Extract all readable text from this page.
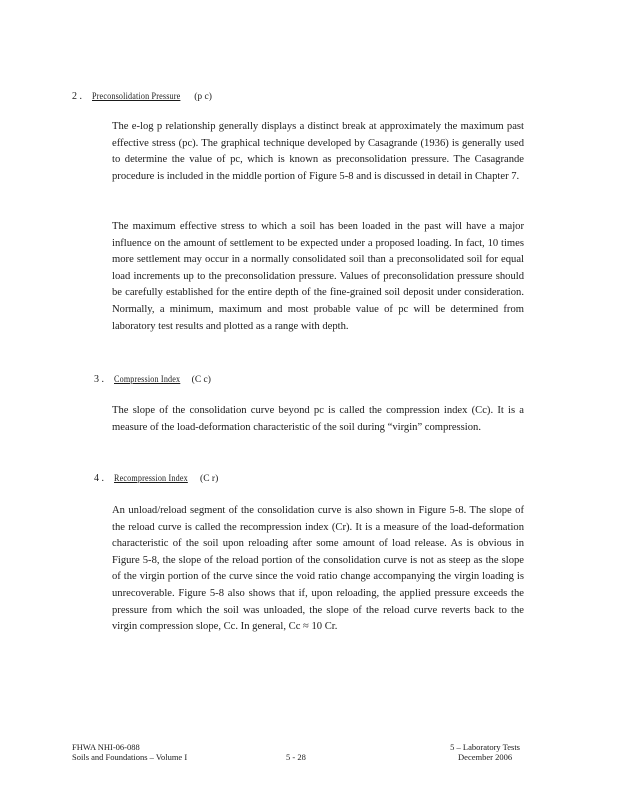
2 . Preconsolidation Pressure (p c)

The e-log p relationship generally displays a distinct break at approximately the maximum past effective stress (pc). The graphical technique developed by Casagrande (1936) is generally used to determine the value of pc, which is known as preconsolidation pressure. The Casagrande procedure is included in the middle portion of Figure 5-8 and is discussed in detail in Chapter 7.

The maximum effective stress to which a soil has been loaded in the past will have a major influence on the amount of settlement to be expected under a proposed loading. In fact, 10 times more settlement may occur in a normally consolidated soil than a preconsolidated soil for equal load increments up to the preconsolidation pressure. Values of preconsolidation pressure should be carefully established for the entire depth of the fine-grained soil deposit under consideration. Normally, a minimum, maximum and most probable value of pc will be determined from laboratory test results and plotted as a range with depth.

3 . Compression Index (C c)

The slope of the consolidation curve beyond pc is called the compression index (Cc). It is a measure of the load-deformation characteristic of the soil during “virgin” compression.

4 . Recompression Index (C r)

An unload/reload segment of the consolidation curve is also shown in Figure 5-8. The slope of the reload curve is called the recompression index (Cr). It is a measure of the load-deformation characteristic of the soil upon reloading after some amount of load release. As is obvious in Figure 5-8, the slope of the reload portion of the consolidation curve is not as steep as the slope of the virgin portion of the curve since the void ratio change accompanying the virgin loading is unrecoverable. Figure 5-8 also shows that if, upon reloading, the applied pressure exceeds the pressure from which the soil was unloaded, the slope of the reload curve reverts back to the virgin compression slope, Cc. In general, Cc ≈ 10 Cr.

FHWA NHI-06-088
Soils and Foundations – Volume I	5 - 28
5 – Laboratory Tests
December 2006
